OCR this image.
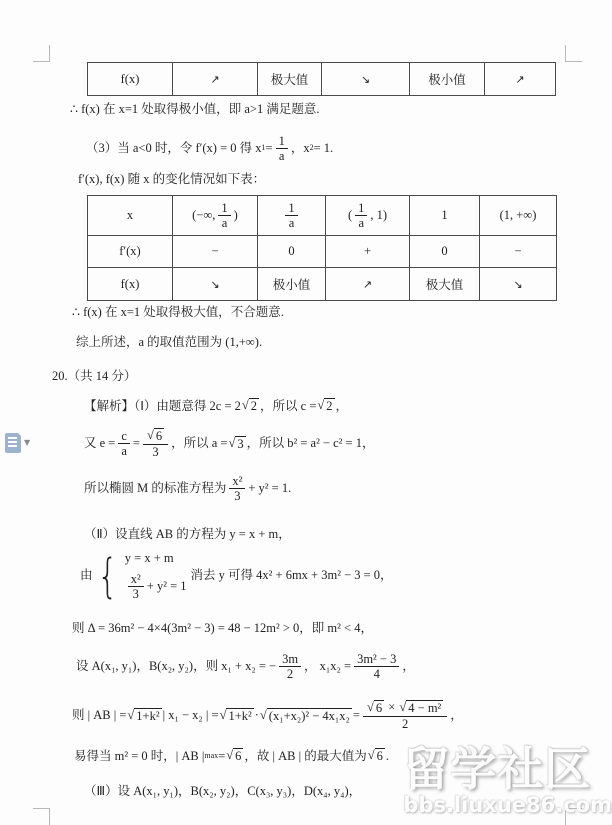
▼
∴ f(x) 在 x=1 处取得极小值，即 a>1 满足题意.
（3）当 a<0 时，令 f′(x) = 0 得 x $1 = \frac{1}{a}$ ，x 2 = 1.
f′(x), f(x) 随 x 的变化情况如下表：
∴ f(x) 在 x=1 处取得极大值，不合题意.
综上所述，a 的取值范围为 (1,+∞).
20.（共 14 分）
【解析】（Ⅰ）由题意得 2c = 2 √ 2 ，所以 c = √ 2 ，
又 $e = \frac{c}{a} = \frac{√ 6}{3}$ ，所以 a = √ 3 ，所以 b² = a² − c² = 1，
所以椭圆 M 的标准方程为 $\frac{\text{x²}}{3} + y^2 = 1$.
（Ⅱ）设直线 AB 的方程为 y = x + m，
由 { y = x + m
$\frac{\text{x²}}{3} + y^2 = 1$
消去 y 可得 4x² + 6mx + 3m² − 3 = 0，
则 Δ = 36m² − 4×4(3m² − 3) = 48 − 12m² > 0，即 m² < 4，
设 A(x₁, y₁)，B(x₂, y₂)，则 x₁ + x₂ = − $\frac{3m}{2}$ ， $x_1x_2 = \frac{\text{3m² − 3}}{4}$ ，
则 | AB | = √ 1+k² | x₁ − x₂ | = √ 1+k² · √ $(x_1+x_2)^2 - 4x_1x_2 = \frac{\text{√ 6 × √ 4 − m²}}{2}$ ，
易得当 m² = 0 时，| AB | max = √ 6 ，故 | AB | 的最大值为 √ 6 .
（Ⅲ）设 A(x₁, y₁)，B(x₂, y₂)，C(x₃, y₃)，D(x₄, y₄)， 留学社区
bbs.liuxue86.com
f(x)	↗	极大值	↘	极小值	↗
x	(−∞, $\frac{1}{a}$ )	$\frac{1}{a}$	( $\frac{1}{a}$ , 1)	1	(1, +∞)

f′(x)	−	0	+	0	−

f(x)	↘	极小值	↗	极大值	↘
